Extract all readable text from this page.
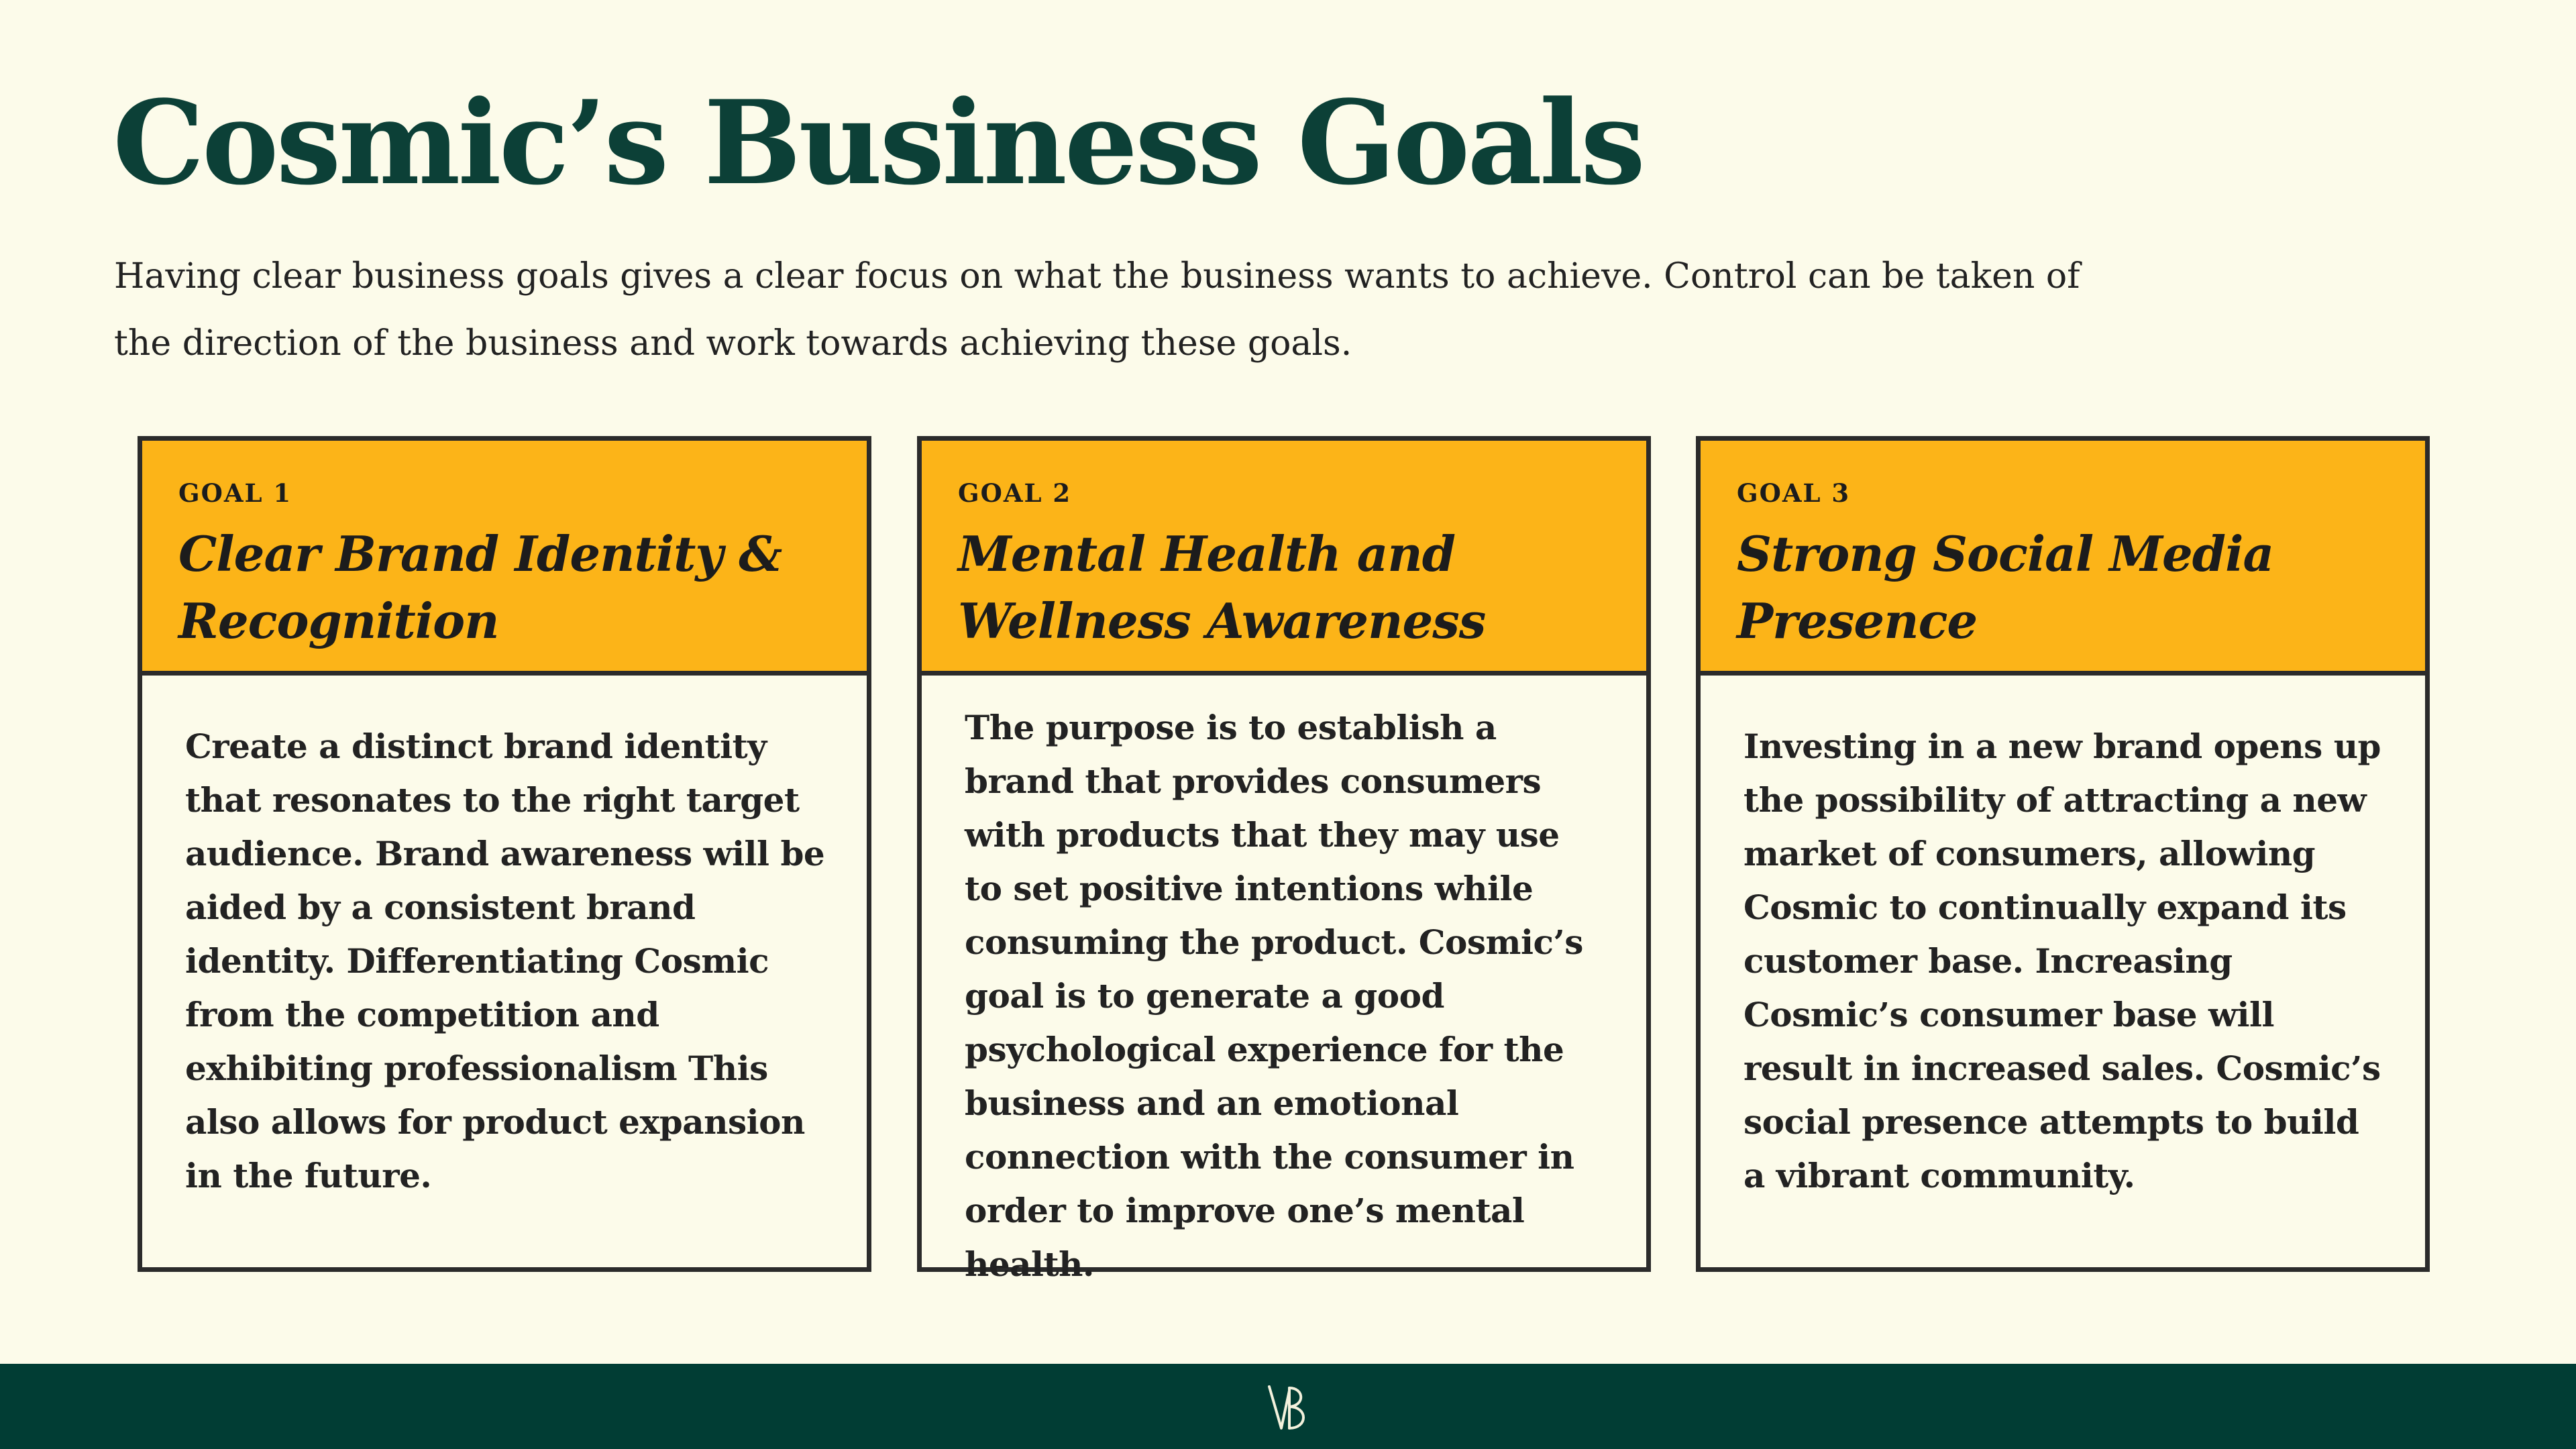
Cosmic’s Business Goals

Having clear business goals gives a clear focus on what the business wants to achieve. Control can be taken of the direction of the business and work towards achieving these goals.

GOAL 1
Clear Brand Identity & Recognition
Create a distinct brand identity that resonates to the right target audience. Brand awareness will be aided by a consistent brand identity. Differentiating Cosmic from the competition and exhibiting professionalism This also allows for product expansion in the future.
GOAL 2
Mental Health and Wellness Awareness
The purpose is to establish a brand that provides consumers with products that they may use to set positive intentions while consuming the product. Cosmic’s goal is to generate a good psychological experience for the business and an emotional connection with the consumer in order to improve one’s mental health.
GOAL 3
Strong Social Media Presence
Investing in a new brand opens up the possibility of attracting a new market of consumers, allowing Cosmic to continually expand its customer base. Increasing Cosmic’s consumer base will result in increased sales. Cosmic’s social presence attempts to build a vibrant community.
